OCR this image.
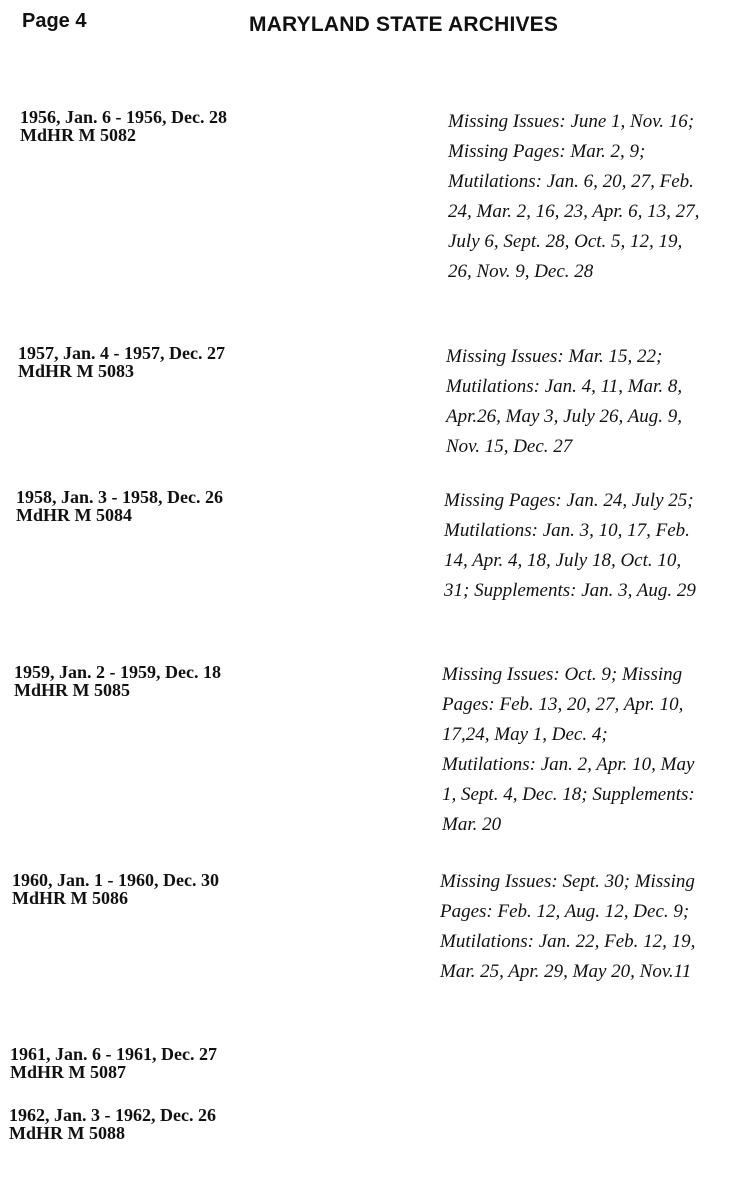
Page 4	MARYLAND STATE ARCHIVES
1956, Jan. 6 - 1956, Dec. 28
MdHR M 5082
Missing Issues: June 1, Nov. 16; Missing Pages: Mar. 2, 9; Mutilations: Jan. 6, 20, 27, Feb. 24, Mar. 2, 16, 23, Apr. 6, 13, 27, July 6, Sept. 28, Oct. 5, 12, 19, 26, Nov. 9, Dec. 28
1957, Jan. 4 - 1957, Dec. 27
MdHR M 5083
Missing Issues: Mar. 15, 22; Mutilations: Jan. 4, 11, Mar. 8, Apr.26, May 3, July 26, Aug. 9, Nov. 15, Dec. 27
1958, Jan. 3 - 1958, Dec. 26
MdHR M 5084
Missing Pages: Jan. 24, July 25; Mutilations: Jan. 3, 10, 17, Feb. 14, Apr. 4, 18, July 18, Oct. 10, 31; Supplements: Jan. 3, Aug. 29
1959, Jan. 2 - 1959, Dec. 18
MdHR M 5085
Missing Issues: Oct. 9; Missing Pages: Feb. 13, 20, 27, Apr. 10, 17,24, May 1, Dec. 4; Mutilations: Jan. 2, Apr. 10, May 1, Sept. 4, Dec. 18; Supplements: Mar. 20
1960, Jan. 1 - 1960, Dec. 30
MdHR M 5086
Missing Issues: Sept. 30; Missing Pages: Feb. 12, Aug. 12, Dec. 9; Mutilations: Jan. 22, Feb. 12, 19, Mar. 25, Apr. 29, May 20, Nov.11
1961, Jan. 6 - 1961, Dec. 27
MdHR M 5087
1962, Jan. 3 - 1962, Dec. 26
MdHR M 5088
